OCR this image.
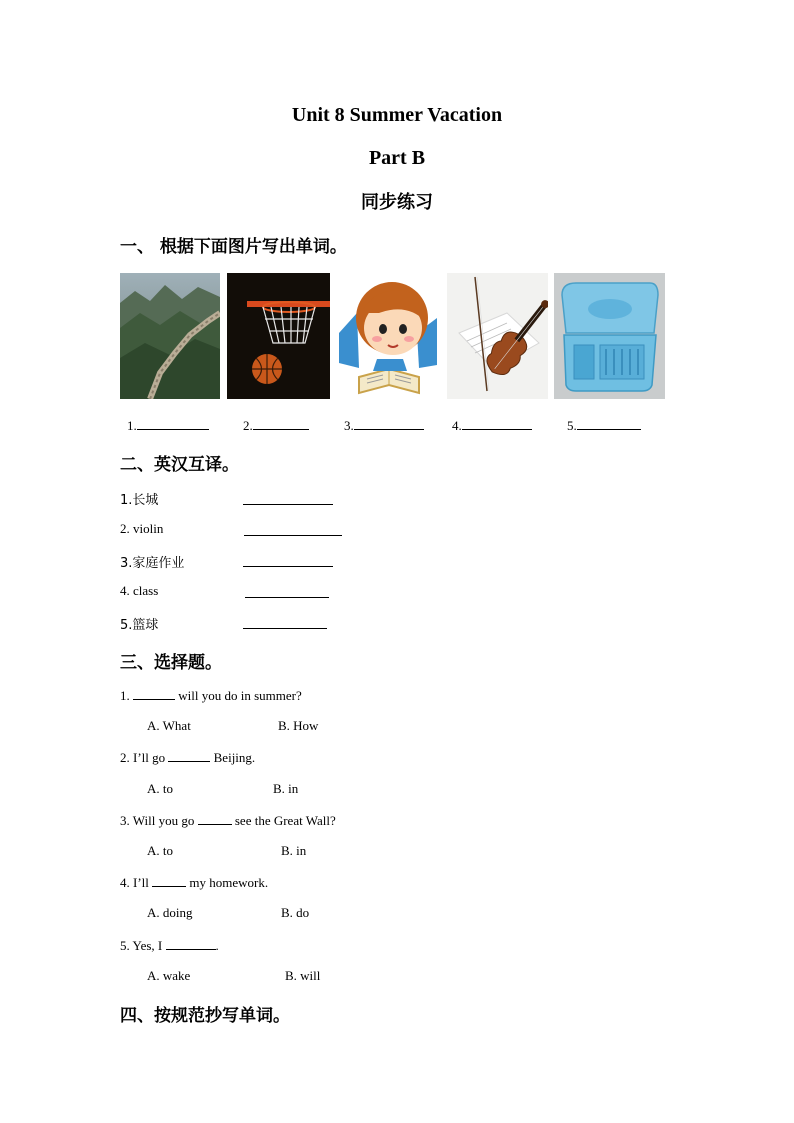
Unit 8 Summer Vacation
Part B
同步练习
一、 根据下面图片写出单词。
1.	2.	3.	4.	5.
二、英汉互译。
1.长城
2. violin
3.家庭作业
4. class
5.篮球
三、选择题。
1.	will you do in summer?
A. What	B. How
2. I’ll go	Beijing.
A. to	B. in
3. Will you go	see the Great Wall?
A. to	B. in
4. I’ll	my homework.
A. doing	B. do
5. Yes, I	.
A. wake	B. will
四、按规范抄写单词。
